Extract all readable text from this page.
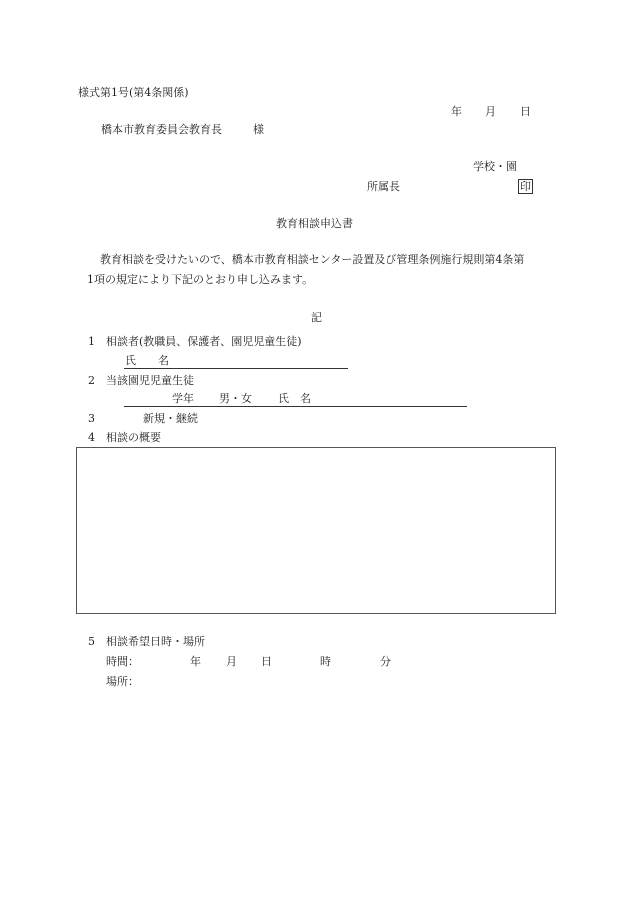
様式第1号(第4条関係)
年 月 日
橋本市教育委員会教育長	様
学校・園
所属長	印
教育相談申込書
教育相談を受けたいので、橋本市教育相談センター設置及び管理条例施行規則第4条第
1項の規定により下記のとおり申し込みます。
記
1 相談者(教職員、保護者、園児児童生徒)
氏　　名
2 当該園児児童生徒
学年 男・女 氏　名
3	新規・継続
4 相談の概要
5 相談希望日時・場所
時間：	年 月 日	時	分
場所：
